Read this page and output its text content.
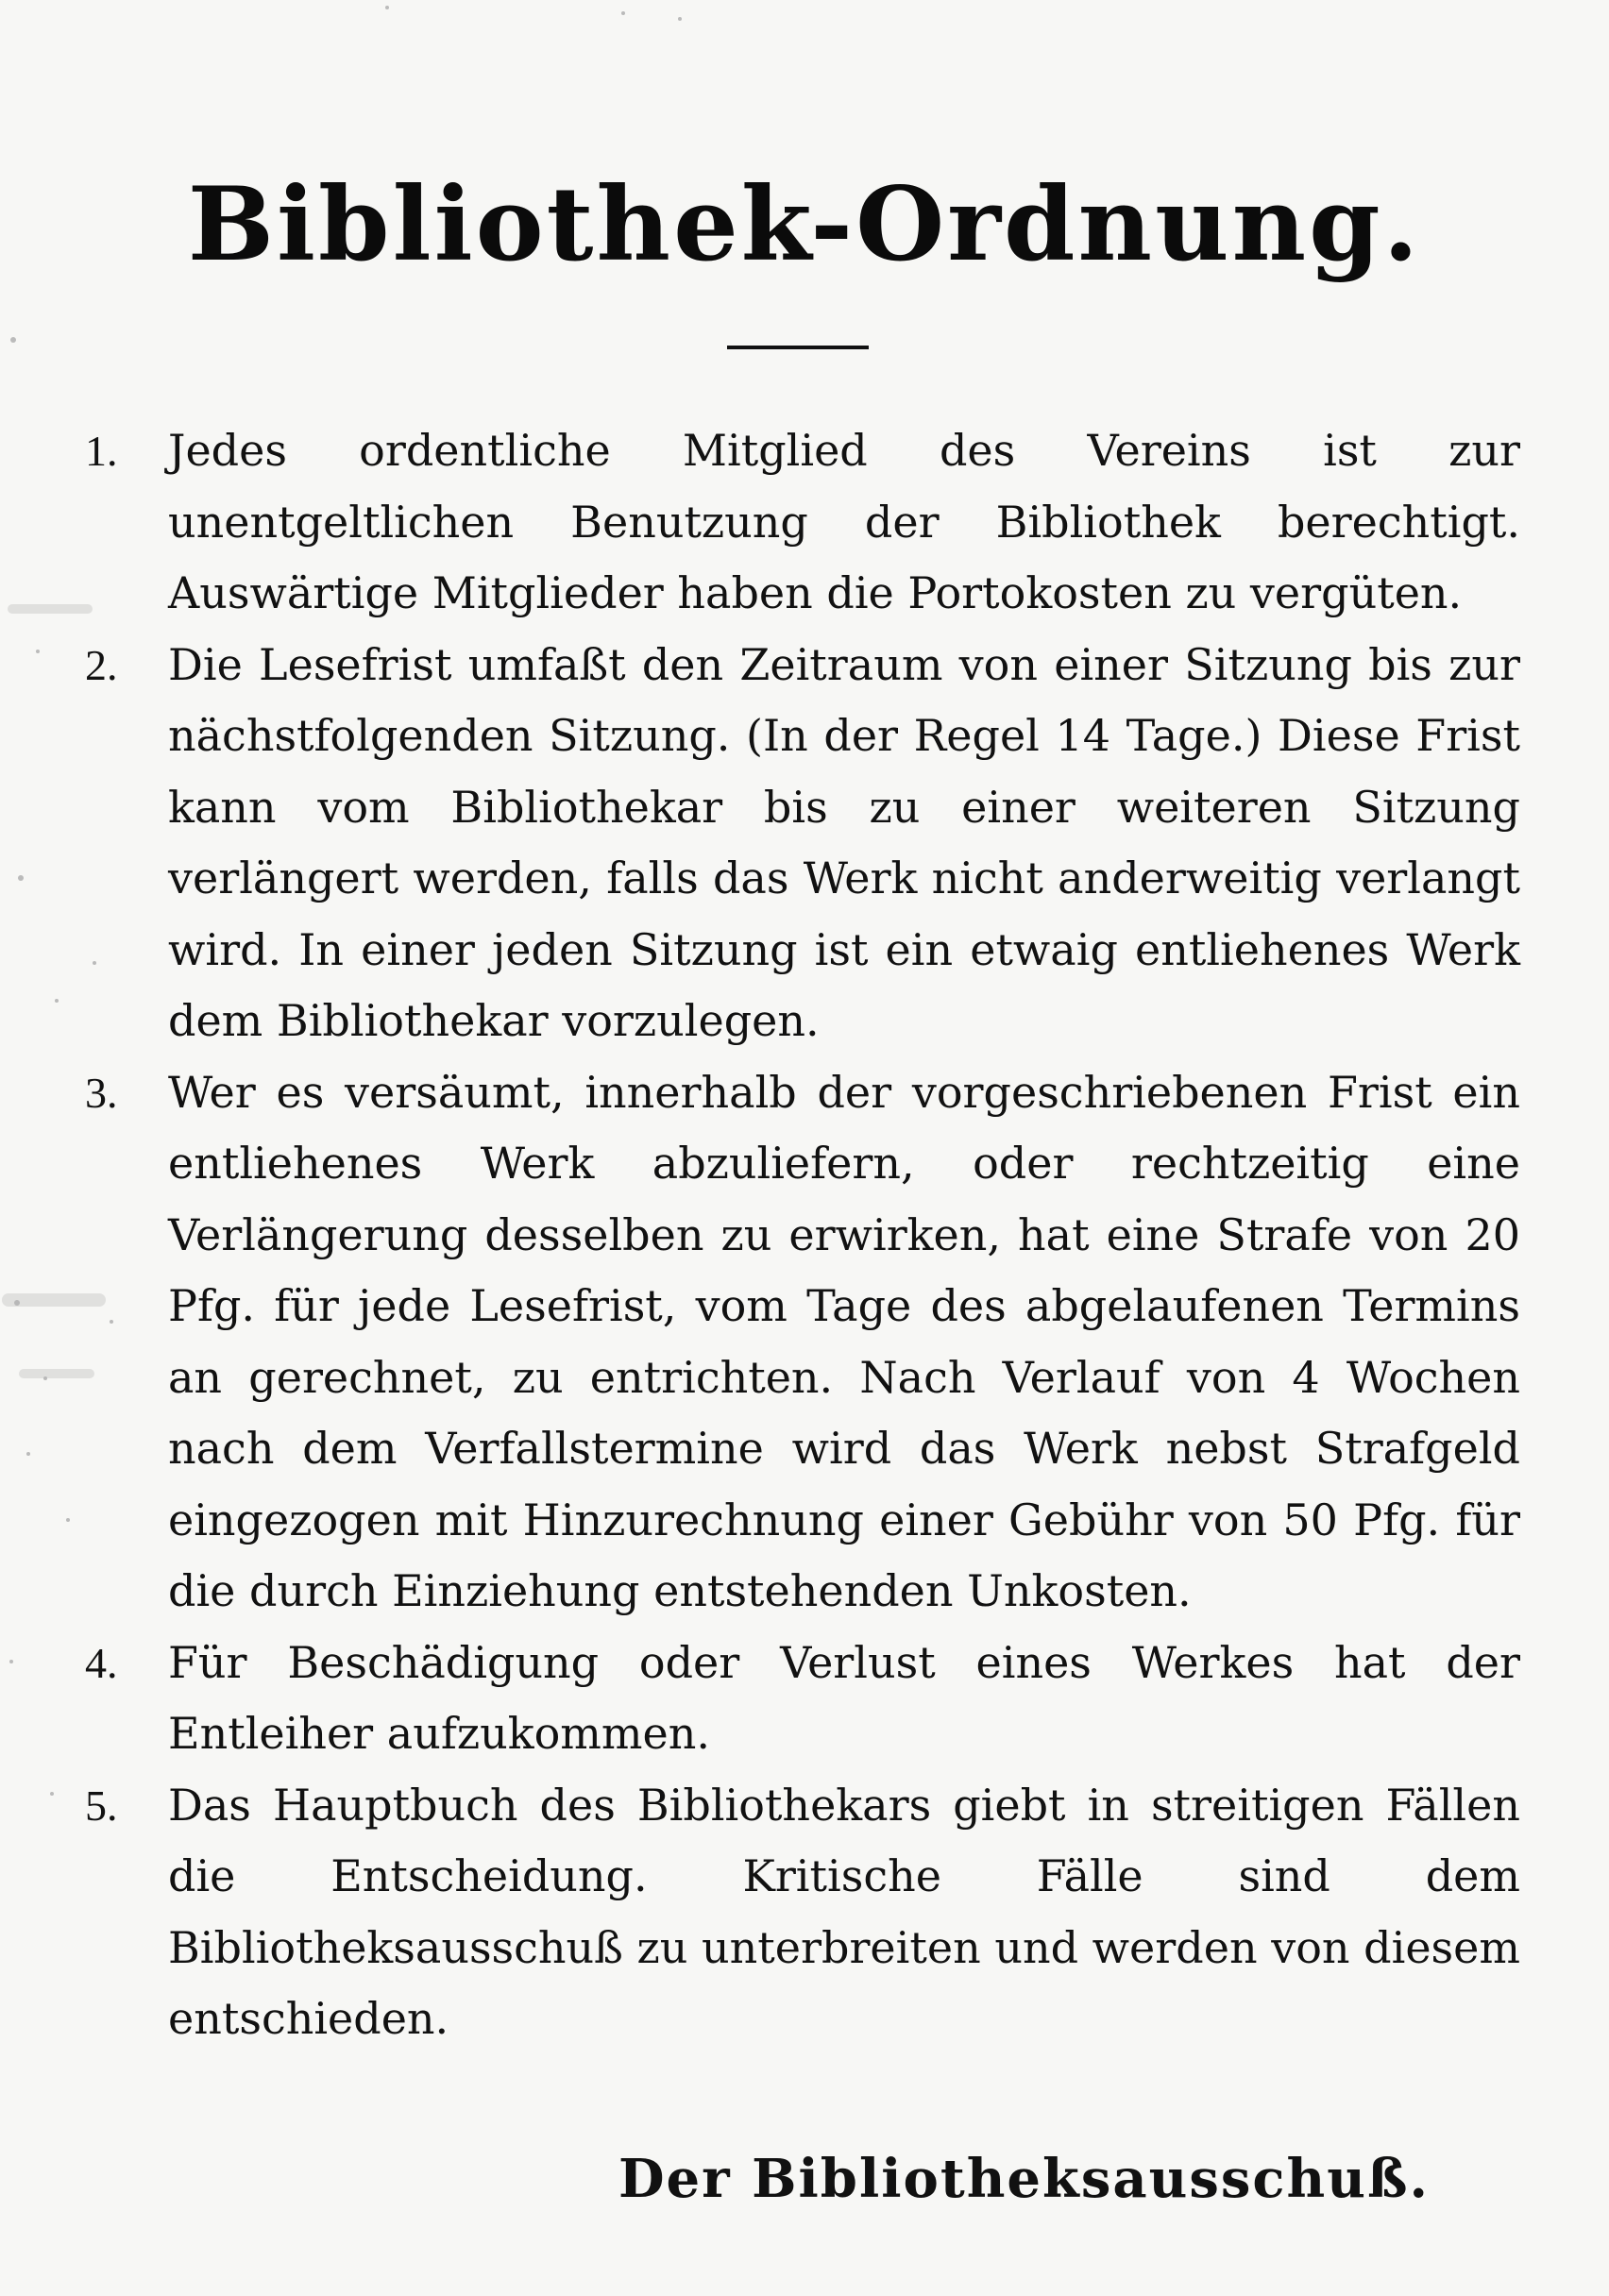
Bibliothek-Ordnung.
1.	Jedes ordentliche Mitglied des Vereins ist zur unentgeltlichen Benutzung der Bibliothek berechtigt. Auswärtige Mitglieder haben die Portokosten zu vergüten.
2.	Die Lesefrist umfaßt den Zeitraum von einer Sitzung bis zur nächstfolgenden Sitzung. (In der Regel 14 Tage.) Diese Frist kann vom Bibliothekar bis zu einer weiteren Sitzung verlängert werden, falls das Werk nicht anderweitig verlangt wird. In einer jeden Sitzung ist ein etwaig entliehenes Werk dem Bibliothekar vorzulegen.
3.	Wer es versäumt, innerhalb der vorgeschriebenen Frist ein entliehenes Werk abzuliefern, oder rechtzeitig eine Verlängerung desselben zu erwirken, hat eine Strafe von 20 Pfg. für jede Lesefrist, vom Tage des abgelaufenen Termins an gerechnet, zu entrichten. Nach Verlauf von 4 Wochen nach dem Verfallstermine wird das Werk nebst Strafgeld eingezogen mit Hinzurechnung einer Gebühr von 50 Pfg. für die durch Einziehung entstehenden Unkosten.
4.	Für Beschädigung oder Verlust eines Werkes hat der Entleiher aufzukommen.
5.	Das Hauptbuch des Bibliothekars giebt in streitigen Fällen die Entscheidung. Kritische Fälle sind dem Bibliotheksausschuß zu unterbreiten und werden von diesem entschieden.
Der Bibliotheksausschuß.
